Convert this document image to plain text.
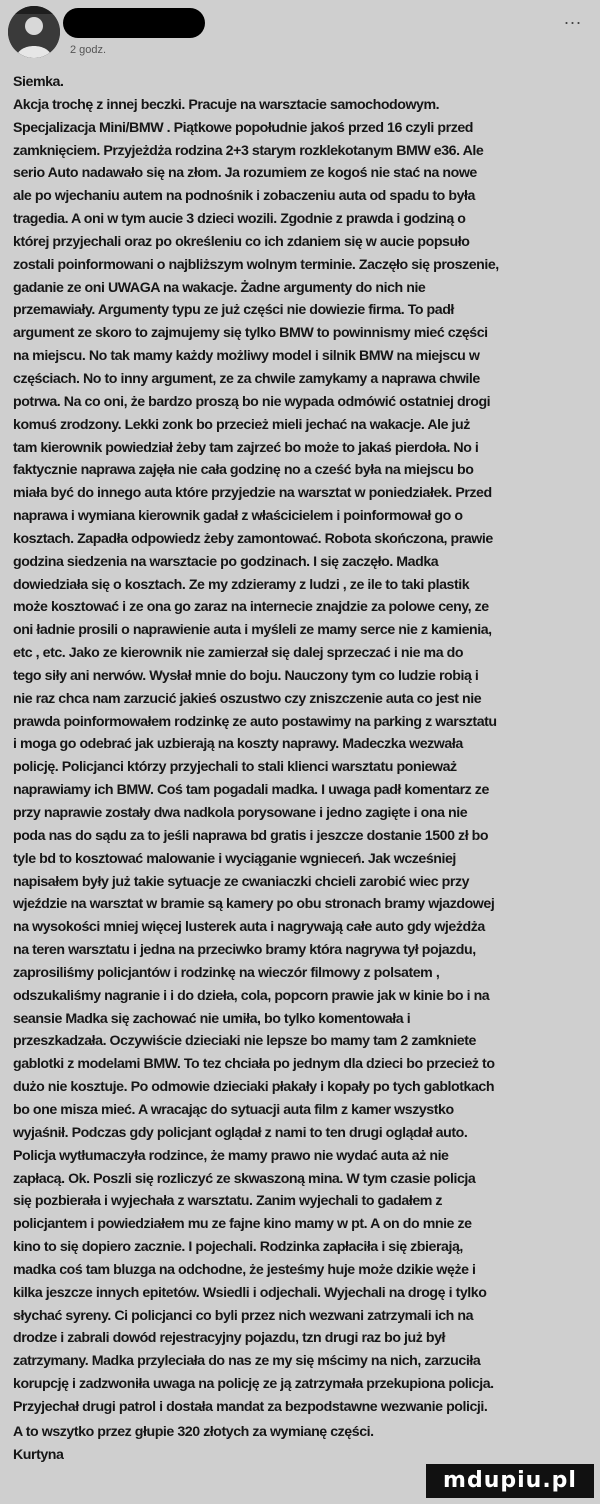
2 godz.
...

Siemka.

Akcja trochę z innej beczki. Pracuje na warsztacie samochodowym.
Specjalizacja Mini/BMW . Piątkowe popołudnie jakoś przed 16 czyli przed
zamknięciem. Przyjeżdża rodzina 2+3 starym rozklekotanym BMW e36. Ale
serio Auto nadawało się na złom. Ja rozumiem ze kogoś nie stać na nowe
ale po wjechaniu autem na podnośnik i zobaczeniu auta od spadu to była
tragedia. A oni w tym aucie 3 dzieci wozili. Zgodnie z prawda i godziną o
której przyjechali oraz po określeniu co ich zdaniem się w aucie popsuło
zostali poinformowani o najbliższym wolnym terminie. Zaczęło się proszenie,
gadanie ze oni UWAGA na wakacje. Żadne argumenty do nich nie
przemawiały. Argumenty typu ze już części nie dowiezie firma. To padł
argument ze skoro to zajmujemy się tylko BMW to powinnismy mieć części
na miejscu. No tak mamy każdy możliwy model i silnik BMW na miejscu w
częściach. No to inny argument, ze za chwile zamykamy a naprawa chwile
potrwa. Na co oni, że bardzo proszą bo nie wypada odmówić ostatniej drogi
komuś zrodzony. Lekki zonk bo przecież mieli jechać na wakacje. Ale już
tam kierownik powiedział żeby tam zajrzeć bo może to jakaś pierdoła. No i
faktycznie naprawa zajęła nie cała godzinę no a cześć była na miejscu bo
miała być do innego auta które przyjedzie na warsztat w poniedziałek. Przed
naprawa i wymiana kierownik gadał z właścicielem i poinformował go o
kosztach. Zapadła odpowiedz żeby zamontować. Robota skończona, prawie
godzina siedzenia na warsztacie po godzinach. I się zaczęło. Madka
dowiedziała się o kosztach. Ze my zdzieramy z ludzi , ze ile to taki plastik
może kosztować i ze ona go zaraz na internecie znajdzie za polowe ceny, ze
oni ładnie prosili o naprawienie auta i myśleli ze mamy serce nie z kamienia,
etc , etc. Jako ze kierownik nie zamierzał się dalej sprzeczać i nie ma do
tego siły ani nerwów. Wysłał mnie do boju. Nauczony tym co ludzie robią i
nie raz chca nam zarzucić jakieś oszustwo czy zniszczenie auta co jest nie
prawda poinformowałem rodzinkę ze auto postawimy na parking z warsztatu
i moga go odebrać jak uzbierają na koszty naprawy. Madeczka wezwała
policję. Policjanci którzy przyjechali to stali klienci warsztatu ponieważ
naprawiamy ich BMW. Coś tam pogadali madka. I uwaga padł komentarz ze
przy naprawie zostały dwa nadkola porysowane i jedno zagięte i ona nie
poda nas do sądu za to jeśli naprawa bd gratis i jeszcze dostanie 1500 zł bo
tyle bd to kosztować malowanie i wyciąganie wgnieceń. Jak wcześniej
napisałem były już takie sytuacje ze cwaniaczki chcieli zarobić wiec przy
wjeździe na warsztat w bramie są kamery po obu stronach bramy wjazdowej
na wysokości mniej więcej lusterek auta i nagrywają całe auto gdy wjeżdża
na teren warsztatu i jedna na przeciwko bramy która nagrywa tył pojazdu,
zaprosiliśmy policjantów i rodzinkę na wieczór filmowy z polsatem ,
odszukaliśmy nagranie i i do dzieła, cola, popcorn prawie jak w kinie bo i na
seansie Madka się zachować nie umiła, bo tylko komentowała i
przeszkadzała. Oczywiście dzieciaki nie lepsze bo mamy tam 2 zamkniete
gablotki z modelami BMW. To tez chciała po jednym dla dzieci bo przecież to
dużo nie kosztuje. Po odmowie dzieciaki płakały i kopały po tych gablotkach
bo one misza mieć. A wracając do sytuacji auta film z kamer wszystko
wyjaśnił. Podczas gdy policjant oglądał z nami to ten drugi oglądał auto.
Policja wytłumaczyła rodzince, że mamy prawo nie wydać auta aż nie
zapłacą. Ok. Poszli się rozliczyć ze skwaszoną mina. W tym czasie policja
się pozbierała i wyjechała z warsztatu. Zanim wyjechali to gadałem z
policjantem i powiedziałem mu ze fajne kino mamy w pt. A on do mnie ze
kino to się dopiero zacznie. I pojechali. Rodzinka zapłaciła i się zbierają,
madka coś tam bluzga na odchodne, że jesteśmy huje może dzikie węże i
kilka jeszcze innych epitetów. Wsiedli i odjechali. Wyjechali na drogę i tylko
słychać syreny. Ci policjanci co byli przez nich wezwani zatrzymali ich na
drodze i zabrali dowód rejestracyjny pojazdu, tzn drugi raz bo już był
zatrzymany. Madka przyleciała do nas ze my się mścimy na nich, zarzuciła
korupcję i zadzwoniła uwaga na policję ze ją zatrzymała przekupiona policja.
Przyjechał drugi patrol i dostała mandat za bezpodstawne wezwanie policji.

A to wszytko przez głupie 320 złotych za wymianę części.

Kurtyna

mdupiu.pl
